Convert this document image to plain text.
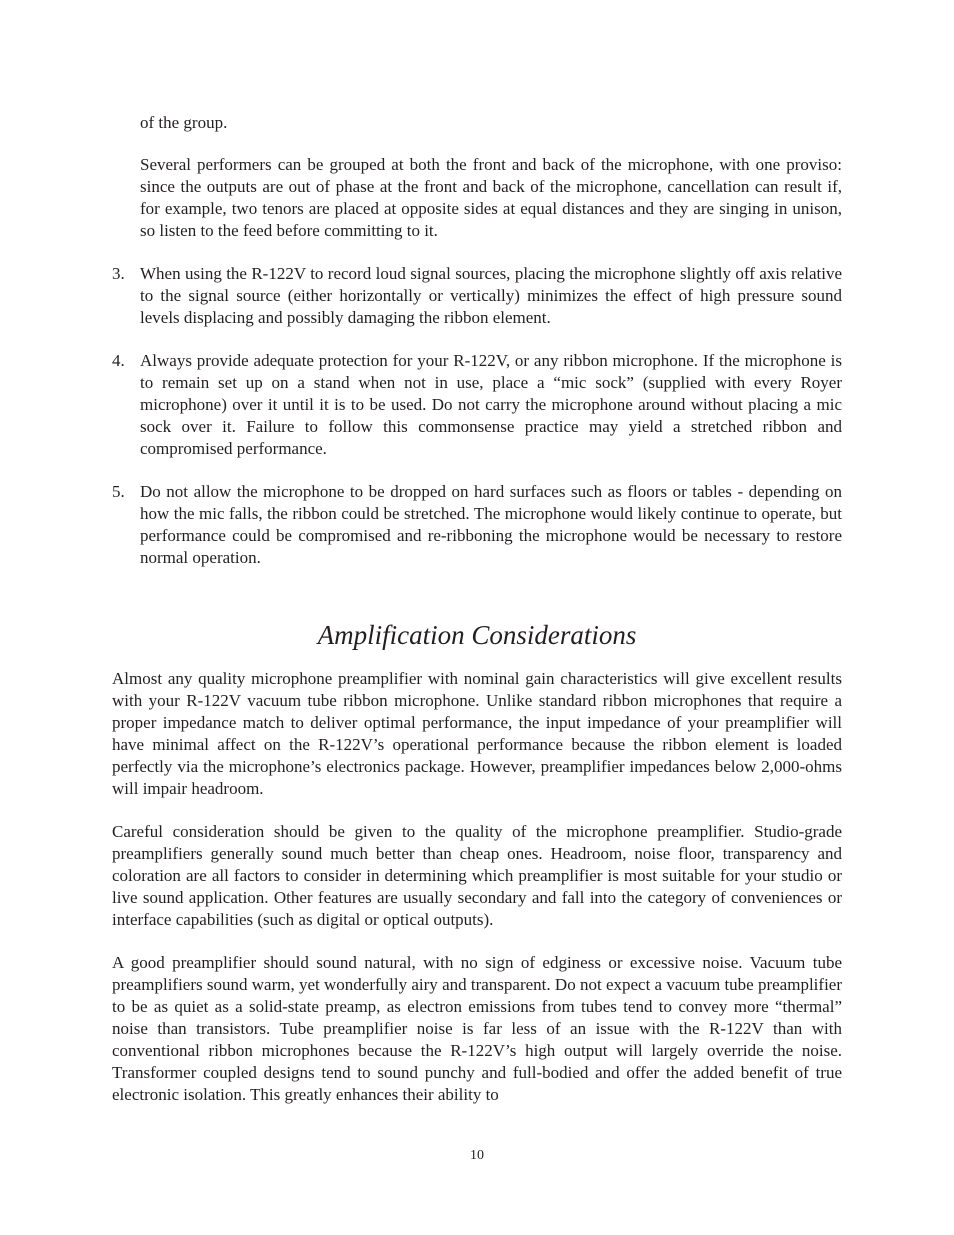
of the group.

Several performers can be grouped at both the front and back of the microphone, with one proviso: since the outputs are out of phase at the front and back of the microphone, cancellation can result if, for example, two tenors are placed at opposite sides at equal distances and they are singing in unison, so listen to the feed before committing to it.

3. When using the R-122V to record loud signal sources, placing the microphone slightly off axis relative to the signal source (either horizontally or vertically) minimizes the effect of high pressure sound levels displacing and possibly damaging the ribbon element.

4. Always provide adequate protection for your R-122V, or any ribbon microphone. If the microphone is to remain set up on a stand when not in use, place a “mic sock” (supplied with every Royer microphone) over it until it is to be used. Do not carry the microphone around without placing a mic sock over it. Failure to follow this commonsense practice may yield a stretched ribbon and compromised performance.

5. Do not allow the microphone to be dropped on hard surfaces such as floors or tables - depending on how the mic falls, the ribbon could be stretched. The microphone would likely continue to operate, but performance could be compromised and re-ribboning the microphone would be necessary to restore normal operation.

Amplification Considerations

Almost any quality microphone preamplifier with nominal gain characteristics will give excellent results with your R-122V vacuum tube ribbon microphone. Unlike standard ribbon microphones that require a proper impedance match to deliver optimal performance, the input impedance of your preamplifier will have minimal affect on the R-122V’s operational performance because the ribbon element is loaded perfectly via the microphone’s electronics package. However, preamplifier impedances below 2,000-ohms will impair headroom.

Careful consideration should be given to the quality of the microphone preamplifier. Studio-grade preamplifiers generally sound much better than cheap ones. Headroom, noise floor, transparency and coloration are all factors to consider in determining which preamplifier is most suitable for your studio or live sound application. Other features are usually secondary and fall into the category of conveniences or interface capabilities (such as digital or optical outputs).

A good preamplifier should sound natural, with no sign of edginess or excessive noise. Vacuum tube preamplifiers sound warm, yet wonderfully airy and transparent. Do not expect a vacuum tube preamplifier to be as quiet as a solid-state preamp, as electron emissions from tubes tend to convey more “thermal” noise than transistors. Tube preamplifier noise is far less of an issue with the R-122V than with conventional ribbon microphones because the R-122V’s high output will largely override the noise. Transformer coupled designs tend to sound punchy and full-bodied and offer the added benefit of true electronic isolation. This greatly enhances their ability to

10
